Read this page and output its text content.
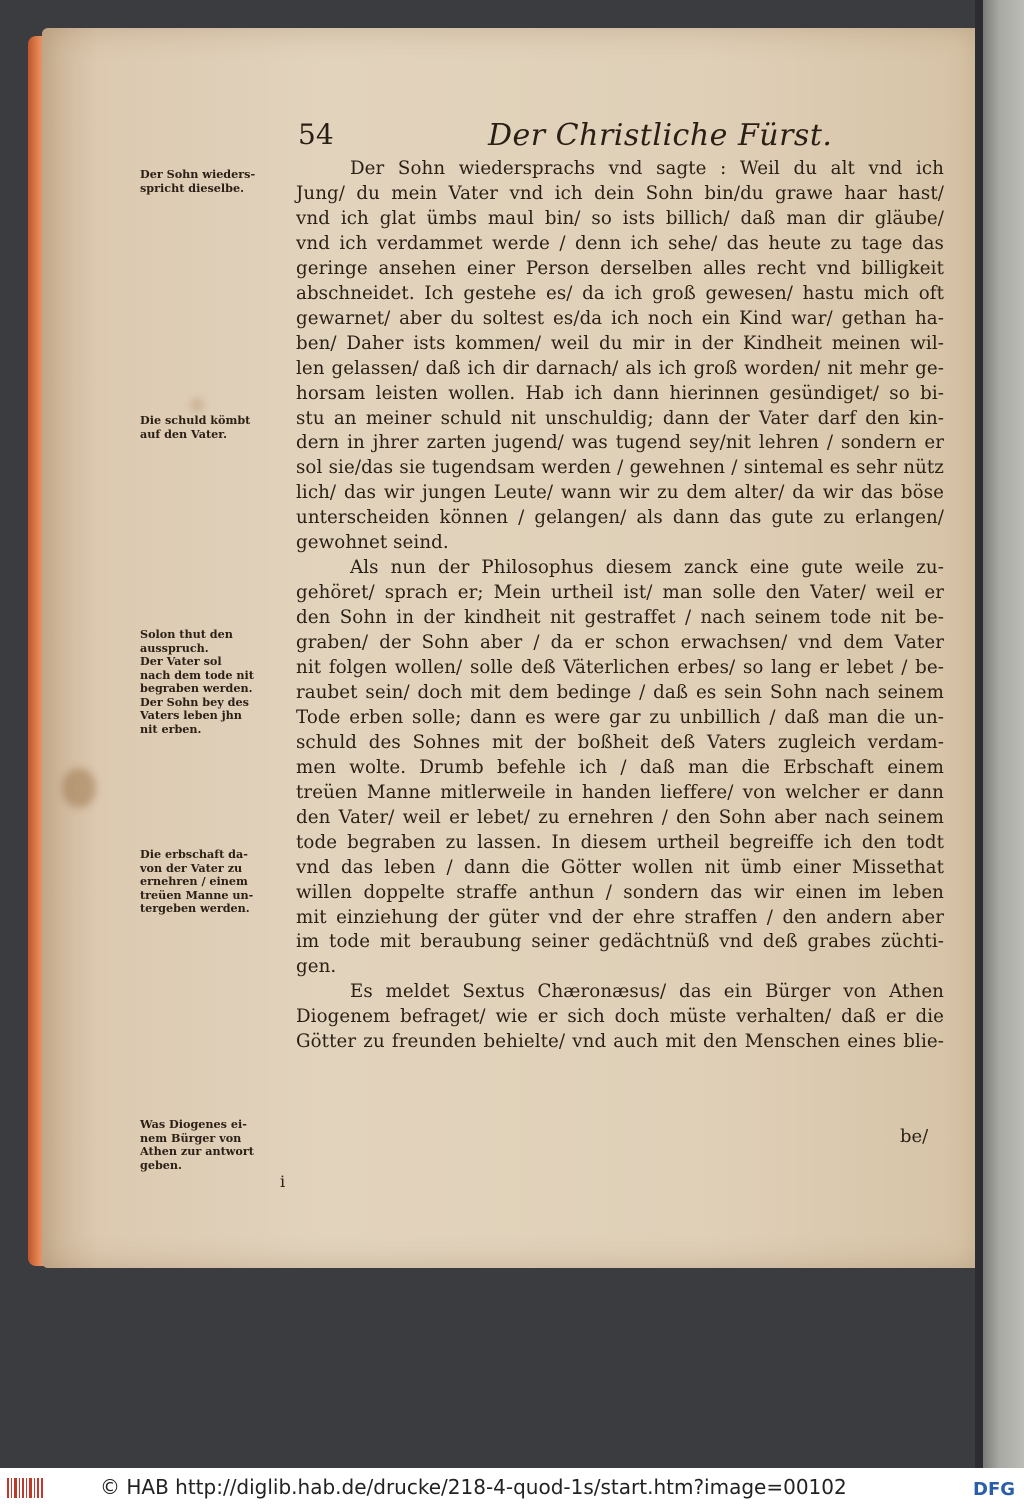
54	Der Christliche Fürst.
Der Sohn wiedersprachs vnd sagte : Weil du alt vnd ich
Jung/ du mein Vater vnd ich dein Sohn bin/du grawe haar hast/
vnd ich glat ümbs maul bin/ so ists billich/ daß man dir gläube/
vnd ich verdammet werde / denn ich sehe/ das heute zu tage das
geringe ansehen einer Person derselben alles recht vnd billigkeit
abschneidet. Ich gestehe es/ da ich groß gewesen/ hastu mich oft
gewarnet/ aber du soltest es/da ich noch ein Kind war/ gethan ha-
ben/ Daher ists kommen/ weil du mir in der Kindheit meinen wil-
len gelassen/ daß ich dir darnach/ als ich groß worden/ nit mehr ge-
horsam leisten wollen. Hab ich dann hierinnen gesündiget/ so bi-
stu an meiner schuld nit unschuldig; dann der Vater darf den kin-
dern in jhrer zarten jugend/ was tugend sey/nit lehren / sondern er
sol sie/das sie tugendsam werden / gewehnen / sintemal es sehr nütz
lich/ das wir jungen Leute/ wann wir zu dem alter/ da wir das böse
unterscheiden können / gelangen/ als dann das gute zu erlangen/
gewohnet seind.
Als nun der Philosophus diesem zanck eine gute weile zu-
gehöret/ sprach er; Mein urtheil ist/ man solle den Vater/ weil er
den Sohn in der kindheit nit gestraffet / nach seinem tode nit be-
graben/ der Sohn aber / da er schon erwachsen/ vnd dem Vater
nit folgen wollen/ solle deß Väterlichen erbes/ so lang er lebet / be-
raubet sein/ doch mit dem bedinge / daß es sein Sohn nach seinem
Tode erben solle; dann es were gar zu unbillich / daß man die un-
schuld des Sohnes mit der boßheit deß Vaters zugleich verdam-
men wolte. Drumb befehle ich / daß man die Erbschaft einem
treüen Manne mitlerweile in handen lieffere/ von welcher er dann
den Vater/ weil er lebet/ zu ernehren / den Sohn aber nach seinem
tode begraben zu lassen. In diesem urtheil begreiffe ich den todt
vnd das leben / dann die Götter wollen nit ümb einer Missethat
willen doppelte straffe anthun / sondern das wir einen im leben
mit einziehung der güter vnd der ehre straffen / den andern aber
im tode mit beraubung seiner gedächtnüß vnd deß grabes züchti-
gen.
Es meldet Sextus Chæronæsus/ das ein Bürger von Athen
Diogenem befraget/ wie er sich doch müste verhalten/ daß er die
Götter zu freunden behielte/ vnd auch mit den Menschen eines blie-
Der Sohn wieders-
spricht dieselbe.
Die schuld kömbt
auf den Vater.
Solon thut den
ausspruch.
Der Vater sol
nach dem tode nit
begraben werden.
Der Sohn bey des
Vaters leben jhn
nit erben.
Die erbschaft da-
von der Vater zu
ernehren / einem
treüen Manne un-
tergeben werden.
Was Diogenes ei-
nem Bürger von
Athen zur antwort
geben.
be/
i
© HAB http://diglib.hab.de/drucke/218-4-quod-1s/start.htm?image=00102	DFG
